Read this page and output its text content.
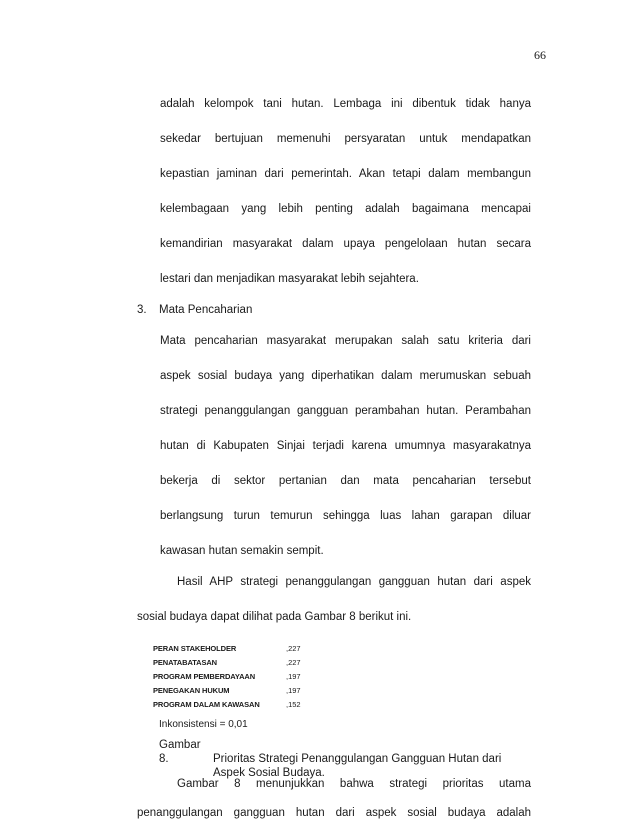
66
adalah kelompok tani hutan. Lembaga ini dibentuk tidak hanya
sekedar bertujuan memenuhi persyaratan untuk mendapatkan
kepastian jaminan dari pemerintah. Akan tetapi dalam membangun
kelembagaan yang lebih penting adalah bagaimana mencapai
kemandirian masyarakat dalam upaya pengelolaan hutan secara
lestari dan menjadikan masyarakat lebih sejahtera.
3. Mata Pencaharian
Mata pencaharian masyarakat merupakan salah satu kriteria dari
aspek sosial budaya yang diperhatikan dalam merumuskan sebuah
strategi penanggulangan gangguan perambahan hutan. Perambahan
hutan di Kabupaten Sinjai terjadi karena umumnya masyarakatnya
bekerja di sektor pertanian dan mata pencaharian tersebut
berlangsung turun temurun sehingga luas lahan garapan diluar
kawasan hutan semakin sempit.
Hasil AHP strategi penanggulangan gangguan hutan dari aspek
sosial budaya dapat dilihat pada Gambar 8 berikut ini.
PERAN STAKEHOLDER	,227
PENATABATASAN	,227
PROGRAM PEMBERDAYAAN	,197
PENEGAKAN HUKUM	,197
PROGRAM DALAM KAWASAN	,152
Inkonsistensi = 0,01
Gambar 8.	Prioritas Strategi Penanggulangan Gangguan Hutan dari
Aspek Sosial Budaya.
Gambar 8 menunjukkan bahwa strategi prioritas utama
penanggulangan gangguan hutan dari aspek sosial budaya adalah
